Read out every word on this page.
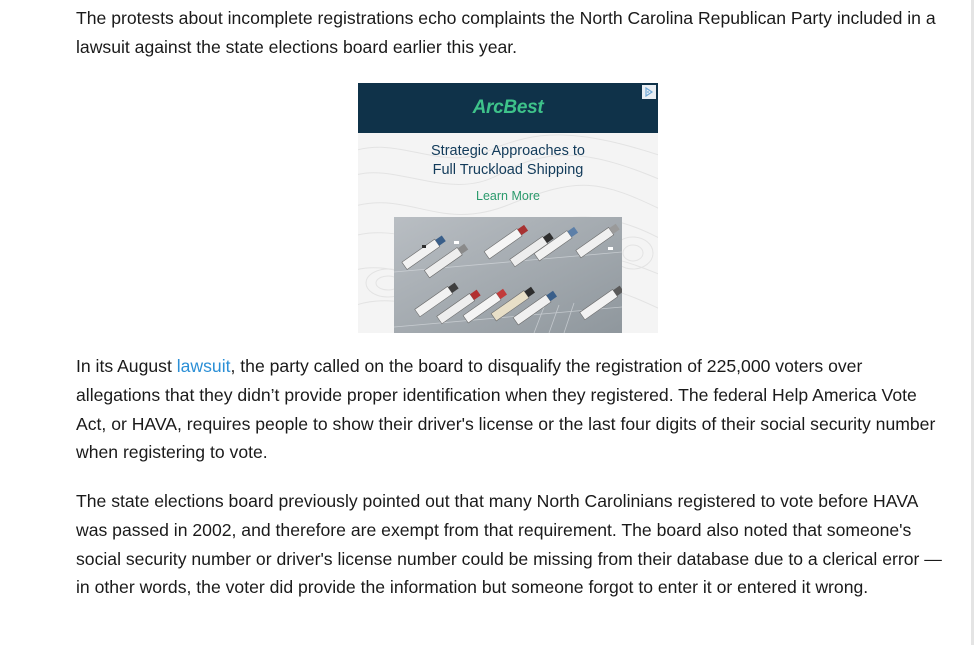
The protests about incomplete registrations echo complaints the North Carolina Republican Party included in a lawsuit against the state elections board earlier this year.

In its August lawsuit, the party called on the board to disqualify the registration of 225,000 voters over allegations that they didn’t provide proper identification when they registered. The federal Help America Vote Act, or HAVA, requires people to show their driver's license or the last four digits of their social security number when registering to vote.

The state elections board previously pointed out that many North Carolinians registered to vote before HAVA was passed in 2002, and therefore are exempt from that requirement. The board also noted that someone's social security number or driver's license number could be missing from their database due to a clerical error — in other words, the voter did provide the information but someone forgot to enter it or entered it wrong.

ArcBest
Strategic Approaches to
Full Truckload Shipping
Learn More
